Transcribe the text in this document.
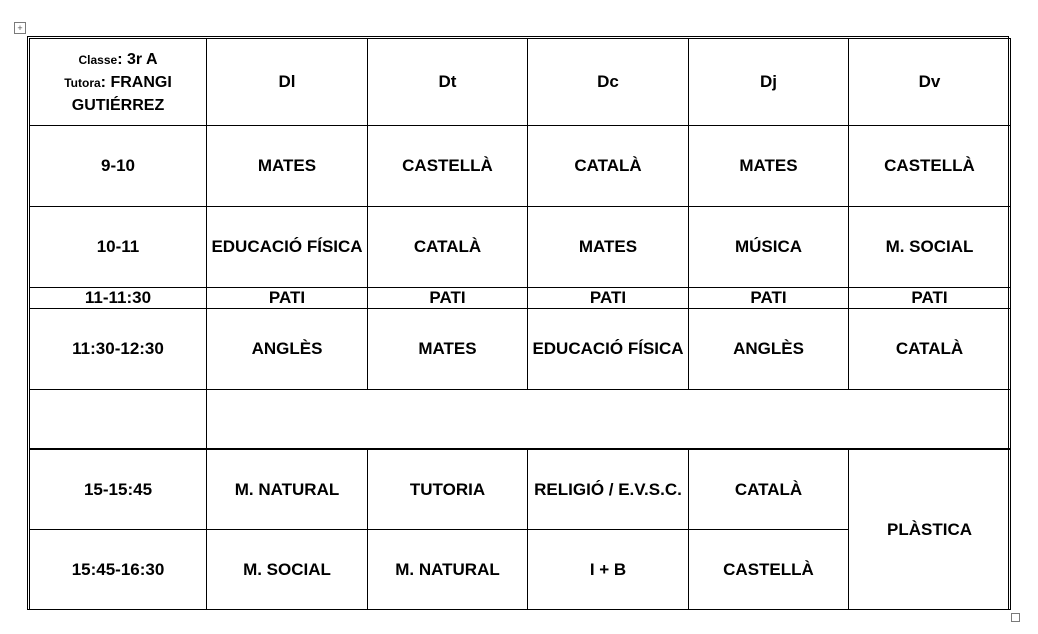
+
Classe: 3r A
Tutora: FRANGI GUTIÉRREZ	Dl	Dt	Dc	Dj	Dv
9-10	MATES	CASTELLÀ	CATALÀ	MATES	CASTELLÀ
10-11	EDUCACIÓ FÍSICA	CATALÀ	MATES	MÚSICA	M. SOCIAL
11-11:30	PATI	PATI	PATI	PATI	PATI
11:30-12:30	ANGLÈS	MATES	EDUCACIÓ FÍSICA	ANGLÈS	CATALÀ

15-15:45	M. NATURAL	TUTORIA	RELIGIÓ / E.V.S.C.	CATALÀ	PLÀSTICA
15:45-16:30	M. SOCIAL	M. NATURAL	I + B	CASTELLÀ	
